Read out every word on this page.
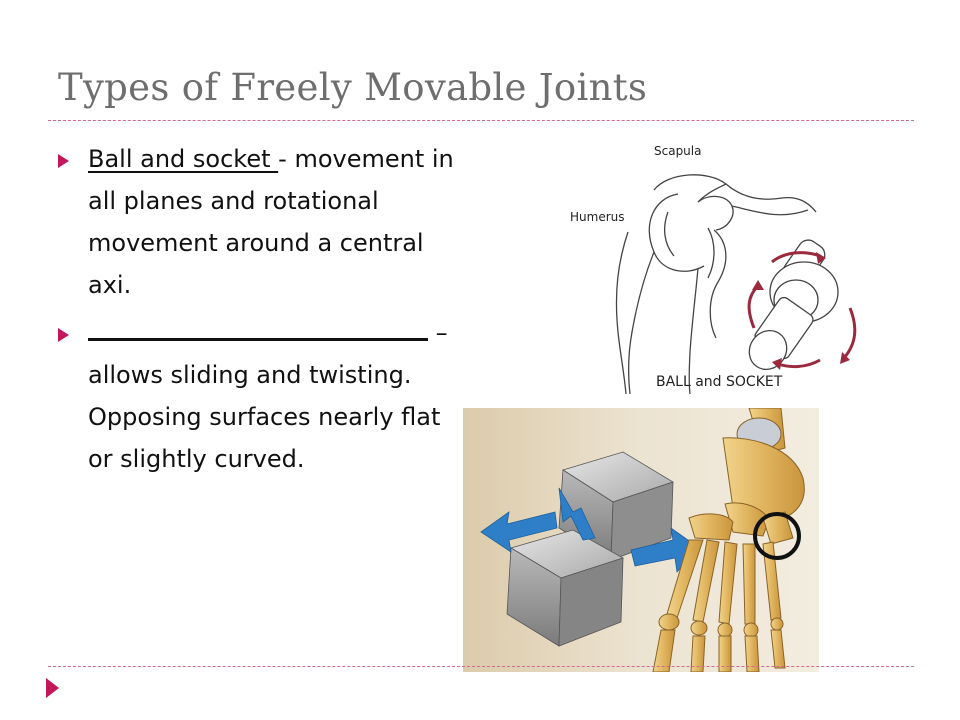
Types of Freely Movable Joints
Ball and socket - movement in all planes and rotational movement around a central axi.
– allows sliding and twisting. Opposing surfaces nearly flat or slightly curved.
Scapula
Humerus
BALL and SOCKET
